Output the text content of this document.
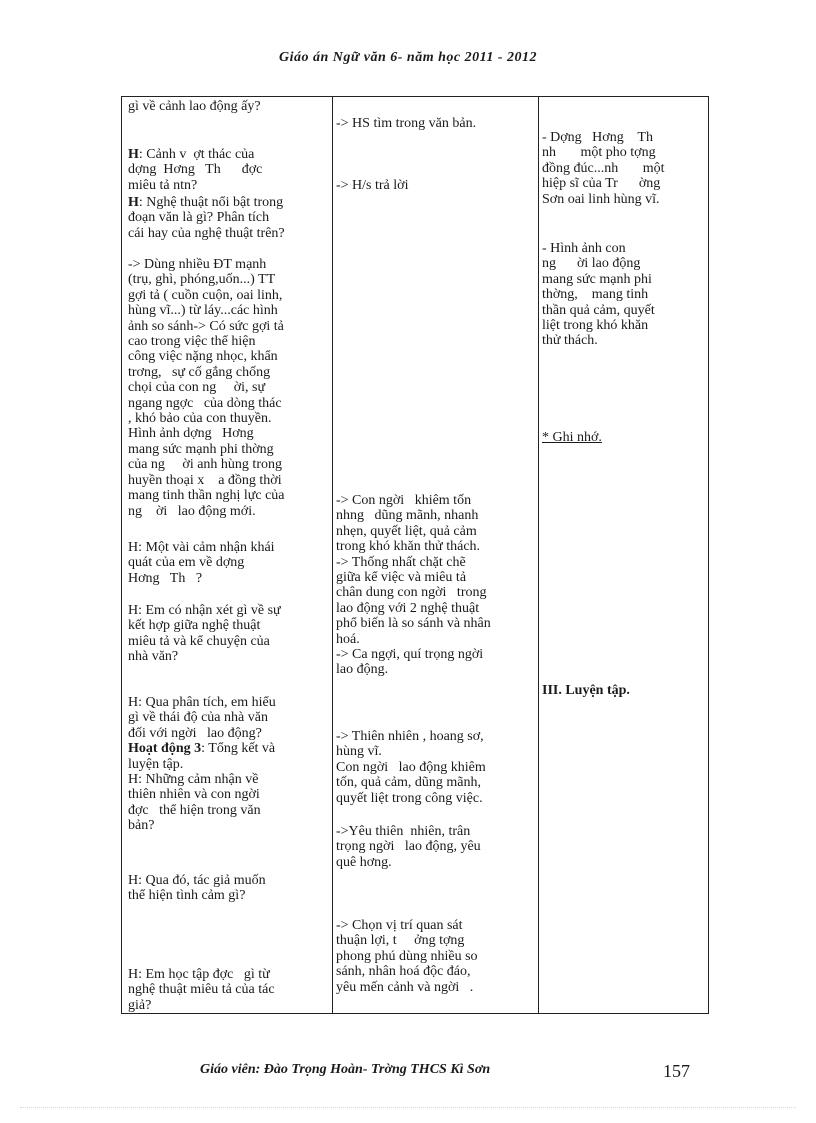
Giáo án Ngữ văn 6- năm học 2011 - 2012

gì về cảnh lao động ấy?

H: Cảnh v  ợt thác của
dợng  Hơng   Th      đợc
miêu tả ntn?

H: Nghệ thuật nổi bật trong
đoạn văn là gì? Phân tích
cái hay của nghệ thuật trên?

-> Dùng nhiều ĐT mạnh
(trụ, ghì, phóng,uốn...) TT
gợi tả ( cuồn cuộn, oai linh,
hùng vĩ...) từ láy...các hình
ảnh so sánh-> Có sức gợi tả
cao trong việc thể hiện
công việc nặng nhọc, khẩn
trơng,   sự cố gắng chống
chọi của con ng     ời, sự
ngang ngợc   của dòng thác
, khó bảo của con thuyền.
Hình ảnh dợng   Hơng
mang sức mạnh phi thờng
của ng     ời anh hùng trong
huyền thoại x    a đồng thời
mang tinh thần nghị lực của
ng    ời   lao động mới.

H: Một vài cảm nhận khái
quát của em về dợng
Hơng   Th   ?

H: Em có nhận xét gì về sự
kết hợp giữa nghệ thuật
miêu tả và kể chuyện của
nhà văn?

H: Qua phân tích, em hiểu
gì về thái độ của nhà văn
đối với ngời   lao động?
Hoạt động 3: Tổng kết và
luyện tập.
H: Những cảm nhận về
thiên nhiên và con ngời
đợc   thể hiện trong văn
bản?

H: Qua đó, tác giả muốn
thể hiện tình cảm gì?

H: Em học tập đợc   gì từ
nghệ thuật miêu tả của tác
giả?

-> HS tìm trong văn bản.

-> H/s trả lời

-> Con ngời   khiêm tốn
nhng   dũng mãnh, nhanh
nhẹn, quyết liệt, quả cảm
trong khó khăn thử thách.
-> Thống nhất chặt chẽ
giữa kể việc và miêu tả
chân dung con ngời   trong
lao động với 2 nghệ thuật
phổ biến là so sánh và nhân
hoá.
-> Ca ngợi, quí trọng ngời
lao động.

-> Thiên nhiên , hoang sơ,
hùng vĩ.
Con ngời   lao động khiêm
tốn, quả cảm, dũng mãnh,
quyết liệt trong công việc.

->Yêu thiên  nhiên, trân
trọng ngời   lao động, yêu
quê hơng.

-> Chọn vị trí quan sát
thuận lợi, t     ởng tợng
phong phú dùng nhiều so
sánh, nhân hoá độc đáo,
yêu mến cảnh và ngời   .

- Dợng   Hơng    Th
nh       một pho tợng
đồng đúc...nh       một
hiệp sĩ của Tr      ờng
Sơn oai linh hùng vĩ.

- Hình ảnh con
ng      ời lao động
mang sức mạnh phi
thờng,    mang tinh
thần quả cảm, quyết
liệt trong khó khăn
thử thách.

* Ghi nhớ.

III. Luyện tập.

Giáo viên: Đào Trọng Hoàn- Trờng THCS Kì Sơn	157
